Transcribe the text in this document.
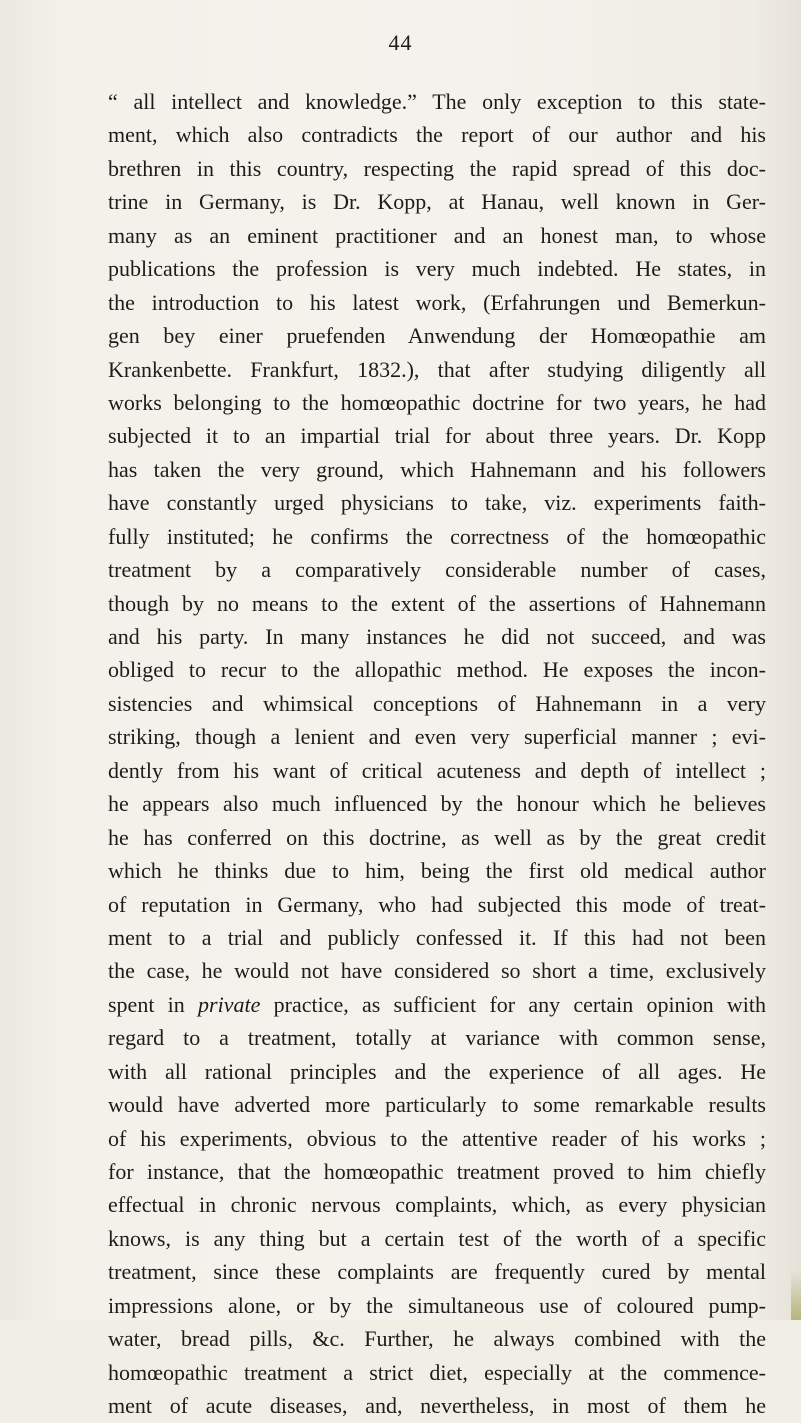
44
“ all intellect and knowledge.” The only exception to this state-
ment, which also contradicts the report of our author and his
brethren in this country, respecting the rapid spread of this doc-
trine in Germany, is Dr. Kopp, at Hanau, well known in Ger-
many as an eminent practitioner and an honest man, to whose
publications the profession is very much indebted. He states, in
the introduction to his latest work, (Erfahrungen und Bemerkun-
gen bey einer pruefenden Anwendung der Homœopathie am
Krankenbette. Frankfurt, 1832.), that after studying diligently all
works belonging to the homœopathic doctrine for two years, he had
subjected it to an impartial trial for about three years. Dr. Kopp
has taken the very ground, which Hahnemann and his followers
have constantly urged physicians to take, viz. experiments faith-
fully instituted; he confirms the correctness of the homœopathic
treatment by a comparatively considerable number of cases,
though by no means to the extent of the assertions of Hahnemann
and his party. In many instances he did not succeed, and was
obliged to recur to the allopathic method. He exposes the incon-
sistencies and whimsical conceptions of Hahnemann in a very
striking, though a lenient and even very superficial manner ; evi-
dently from his want of critical acuteness and depth of intellect ;
he appears also much influenced by the honour which he believes
he has conferred on this doctrine, as well as by the great credit
which he thinks due to him, being the first old medical author
of reputation in Germany, who had subjected this mode of treat-
ment to a trial and publicly confessed it. If this had not been
the case, he would not have considered so short a time, exclusively
spent in private practice, as sufficient for any certain opinion with
regard to a treatment, totally at variance with common sense,
with all rational principles and the experience of all ages. He
would have adverted more particularly to some remarkable results
of his experiments, obvious to the attentive reader of his works ;
for instance, that the homœopathic treatment proved to him chiefly
effectual in chronic nervous complaints, which, as every physician
knows, is any thing but a certain test of the worth of a specific
treatment, since these complaints are frequently cured by mental
impressions alone, or by the simultaneous use of coloured pump-
water, bread pills, &c. Further, he always combined with the
homœopathic treatment a strict diet, especially at the commence-
ment of acute diseases, and, nevertheless, in most of them he
